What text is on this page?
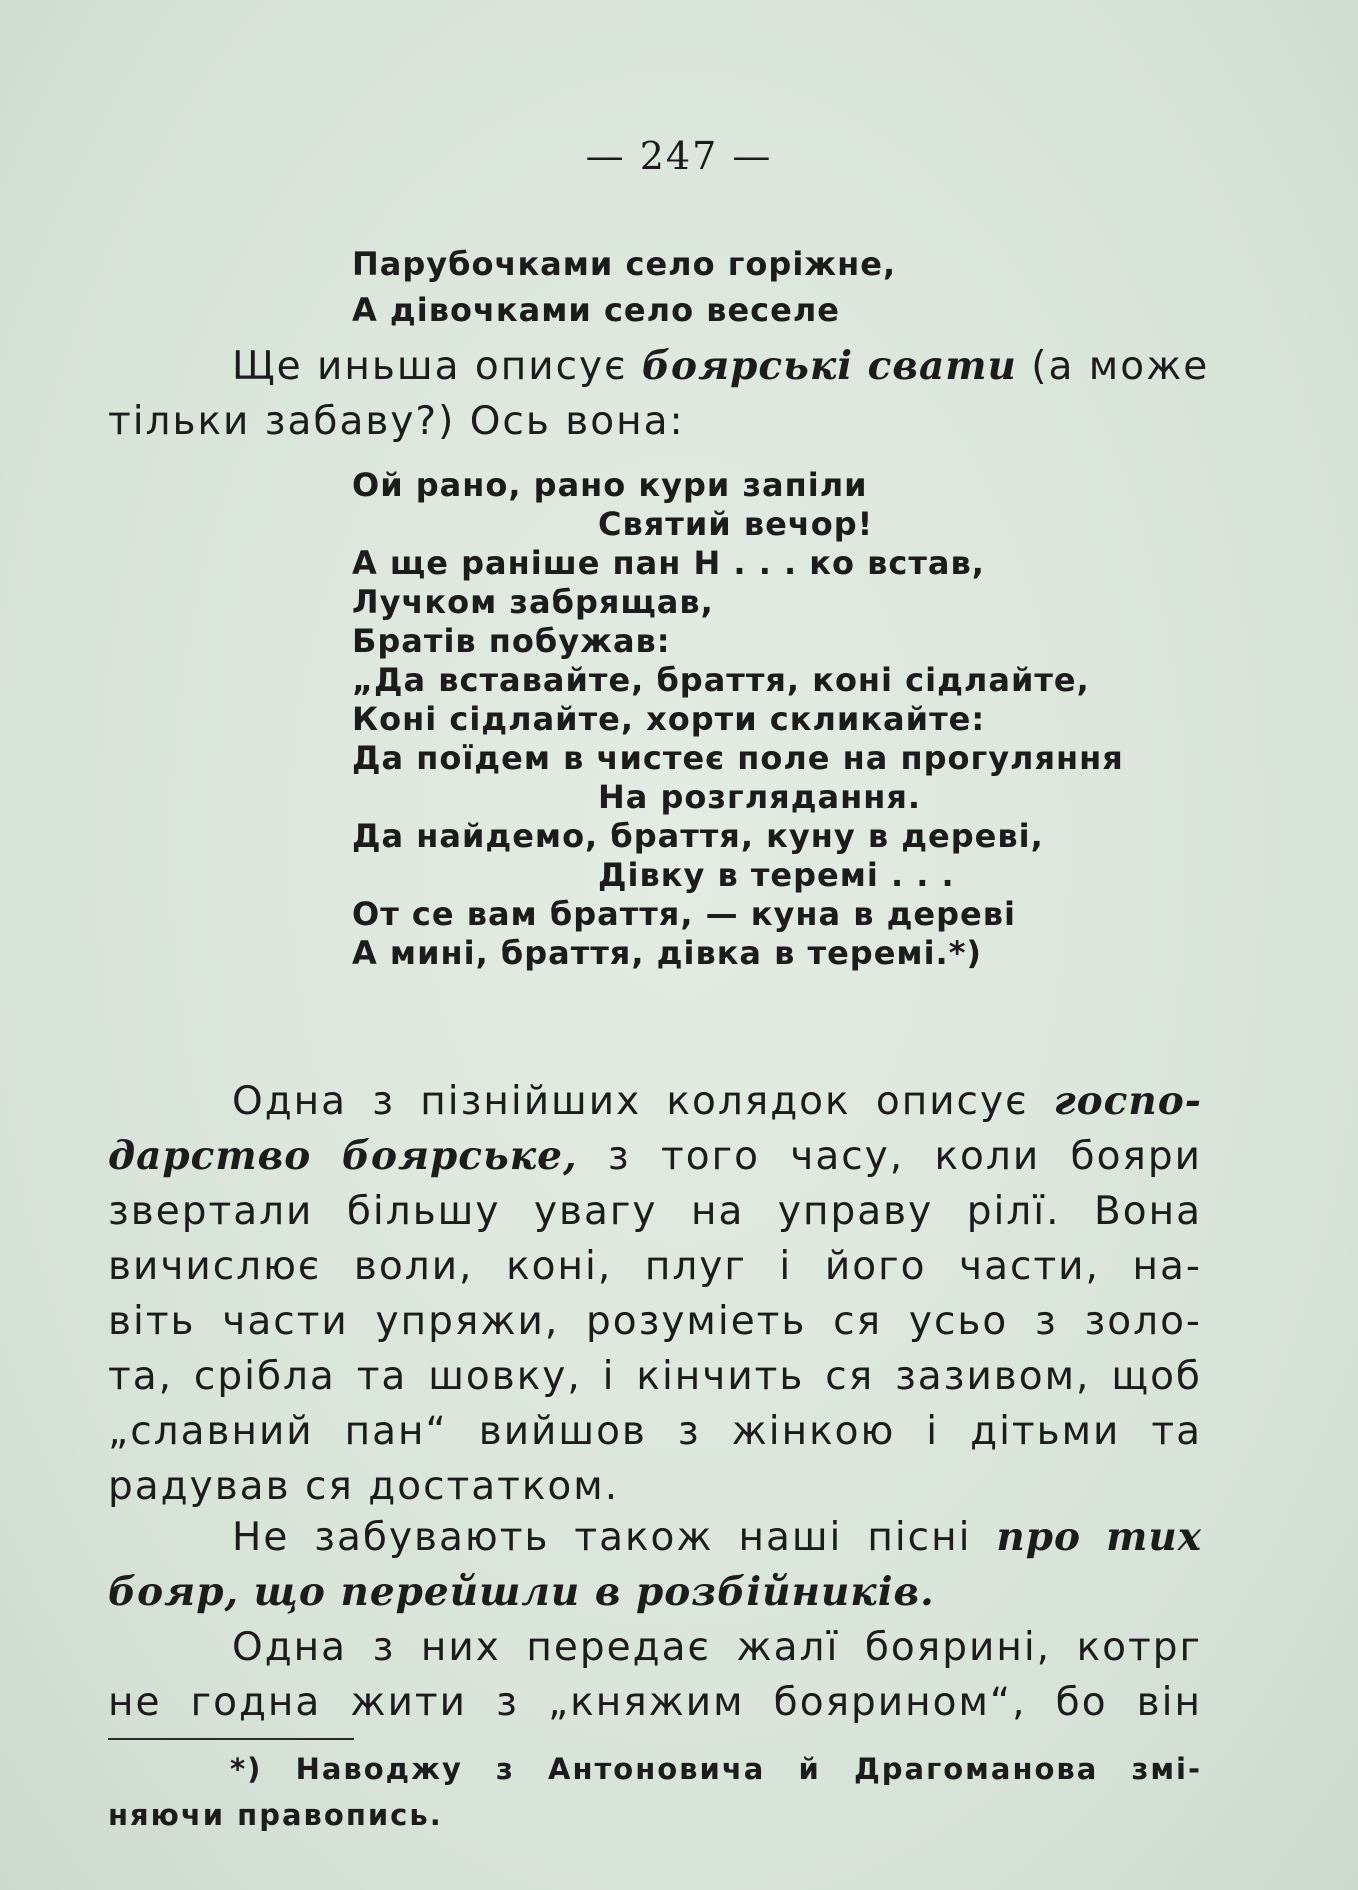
— 247 —
Парубочками село горіжне,
А дівочками село веселе
Ще иньша описує боярські свати (а може
тільки забаву?) Ось вона:
Ой рано, рано кури запіли
Святий вечор!
А ще раніше пан Н . . . ко встав,
Лучком забрящав,
Братів побужав:
„Да вставайте, браття, коні сідлайте,
Коні сідлайте, хорти скликайте:
Да поїдем в чистеє поле на прогуляння
На розглядання.
Да найдемо, браття, куну в дереві,
Дівку в теремі . . .
От се вам браття, — куна в дереві
А мині, браття, дівка в теремі.*)
Одна з пізнійших колядок описує госпо-
дарство боярське, з того часу, коли бояри
звертали більшу увагу на управу рілї. Вона
вичислює воли, коні, плуг і його части, на-
віть части упряжи, розуміеть ся усьо з золо-
та, срібла та шовку, і кінчить ся зазивом, щоб
„славний пан“ вийшов з жінкою і дітьми та
радував ся достатком.
Не забувають також наші пісні про тих
бояр, що перейшли в розбійників.
Одна з них передає жалї боярині, котрг
не годна жити з „княжим боярином“, бо він
*) Наводжу з Антоновича й Драгоманова змі-
няючи правопись.
